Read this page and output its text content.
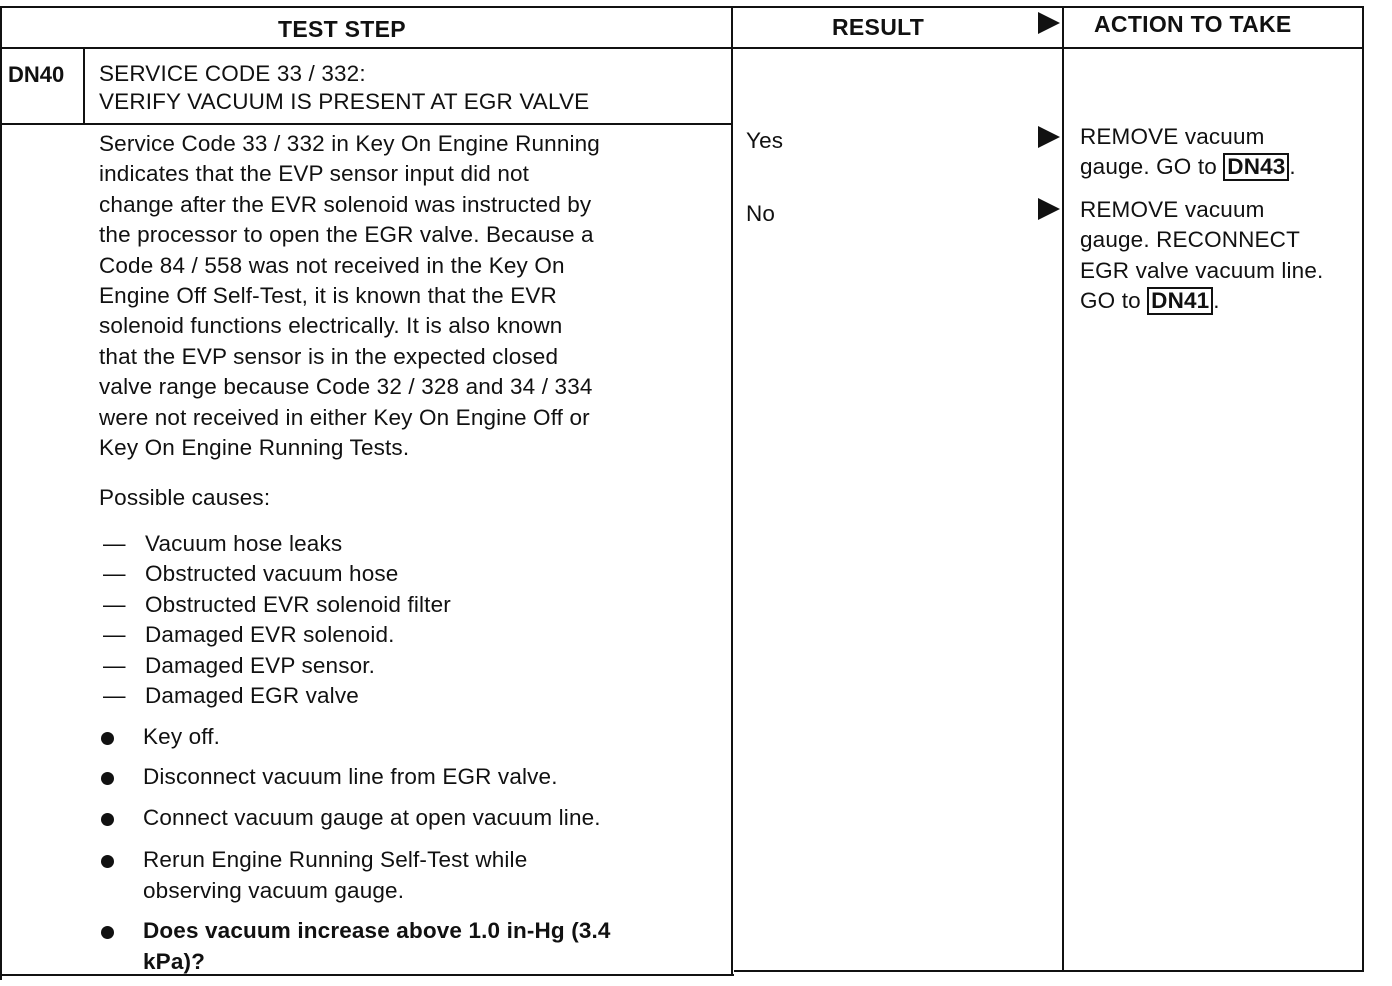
TEST STEP	RESULT	ACTION TO TAKE
DN40 SERVICE CODE 33 / 332:
VERIFY VACUUM IS PRESENT AT EGR VALVE
Service Code 33 / 332 in Key On Engine Running
indicates that the EVP sensor input did not
change after the EVR solenoid was instructed by
the processor to open the EGR valve. Because a
Code 84 / 558 was not received in the Key On
Engine Off Self-Test, it is known that the EVR
solenoid functions electrically. It is also known
that the EVP sensor is in the expected closed
valve range because Code 32 / 328 and 34 / 334
were not received in either Key On Engine Off or
Key On Engine Running Tests.
Possible causes:
— Vacuum hose leaks
— Obstructed vacuum hose
— Obstructed EVR solenoid filter
— Damaged EVR solenoid.
— Damaged EVP sensor.
— Damaged EGR valve
Key off.
Disconnect vacuum line from EGR valve.
Connect vacuum gauge at open vacuum line.
Rerun Engine Running Self-Test while
observing vacuum gauge.
Does vacuum increase above 1.0 in-Hg (3.4
kPa)?
Yes
No
REMOVE vacuum
gauge. GO to DN43 .
REMOVE vacuum
gauge. RECONNECT
EGR valve vacuum line.
GO to DN41 .
